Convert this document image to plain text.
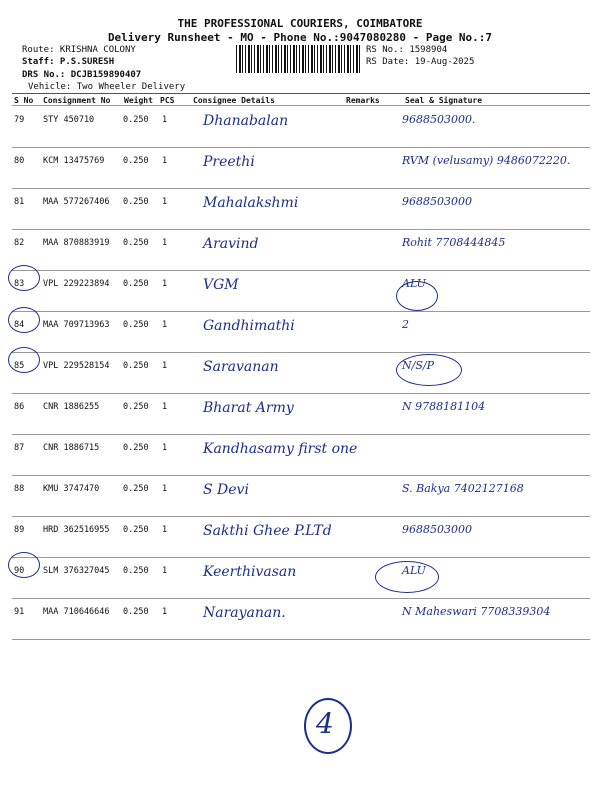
THE PROFESSIONAL COURIERS, COIMBATORE
Delivery Runsheet - MO - Phone No.:9047080280 - Page No.:7
Route: KRISHNA COLONY
Staff: P.S.SURESH
DRS No.: DCJB159890407
Vehicle: Two Wheeler Delivery
RS No.: 1598904
RS Date: 19-Aug-2025
S No Consignment No Weight PCS Consignee Details	Remarks	Seal & Signature
79 STY 450710	0.250 1	Dhanabalan	9688503000.
80 KCM 13475769 0.250 1	Preethi	RVM (velusamy) 9486072220.
81 MAA 577267406 0.250 1	Mahalakshmi	9688503000
82 MAA 870883919 0.250 1	Aravind	Rohit 7708444845
83 VPL 229223894 0.250 1	VGM	ALU
84 MAA 709713963 0.250 1	Gandhimathi	2
85 VPL 229528154 0.250 1	Saravanan	N/S/P
86 CNR 1886255	0.250 1	Bharat Army	N 9788181104
87 CNR 1886715	0.250 1	Kandhasamy first one
88 KMU 3747470	0.250 1	S Devi	S. Bakya 7402127168
89 HRD 362516955 0.250 1	Sakthi Ghee P.LTd	9688503000
90 SLM 376327045 0.250 1	Keerthivasan	ALU
91 MAA 710646646 0.250 1	Narayanan.	N Maheswari 7708339304
4
